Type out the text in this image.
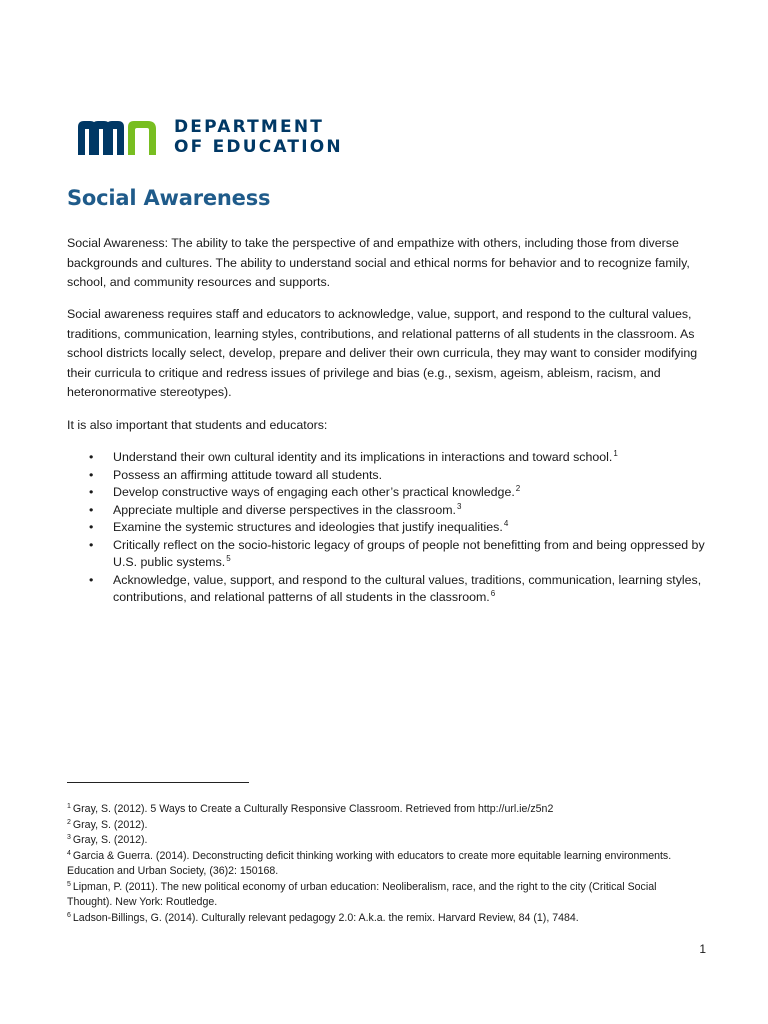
DEPARTMENT
OF EDUCATION
Social Awareness

Social Awareness: The ability to take the perspective of and empathize with others, including those from diverse backgrounds and cultures. The ability to understand social and ethical norms for behavior and to recognize family, school, and community resources and supports.

Social awareness requires staff and educators to acknowledge, value, support, and respond to the cultural values, traditions, communication, learning styles, contributions, and relational patterns of all students in the classroom. As school districts locally select, develop, prepare and deliver their own curricula, they may want to consider modifying their curricula to critique and redress issues of privilege and bias (e.g., sexism, ageism, ableism, racism, and heteronormative stereotypes).

It is also important that students and educators:

• Understand their own cultural identity and its implications in interactions and toward school.$^1$
• Possess an affirming attitude toward all students.
• Develop constructive ways of engaging each other’s practical knowledge.$^2$
• Appreciate multiple and diverse perspectives in the classroom.$^3$
• Examine the systemic structures and ideologies that justify inequalities.$^4$
• Critically reflect on the socio-historic legacy of groups of people not benefitting from and being oppressed by U.S. public systems.$^5$
• Acknowledge, value, support, and respond to the cultural values, traditions, communication, learning styles, contributions, and relational patterns of all students in the classroom.$^6$
$^1$ Gray, S. (2012). 5 Ways to Create a Culturally Responsive Classroom. Retrieved from http://url.ie/z5n2
$^2$ Gray, S. (2012).
$^3$ Gray, S. (2012).
$^4$ Garcia & Guerra. (2014). Deconstructing deficit thinking working with educators to create more equitable learning environments. Education and Urban Society, (36)2: 150168.
$^5$ Lipman, P. (2011). The new political economy of urban education: Neoliberalism, race, and the right to the city (Critical Social Thought). New York: Routledge.
$^6$ Ladson-Billings, G. (2014). Culturally relevant pedagogy 2.0: A.k.a. the remix. Harvard Review, 84 (1), 7484.
1
